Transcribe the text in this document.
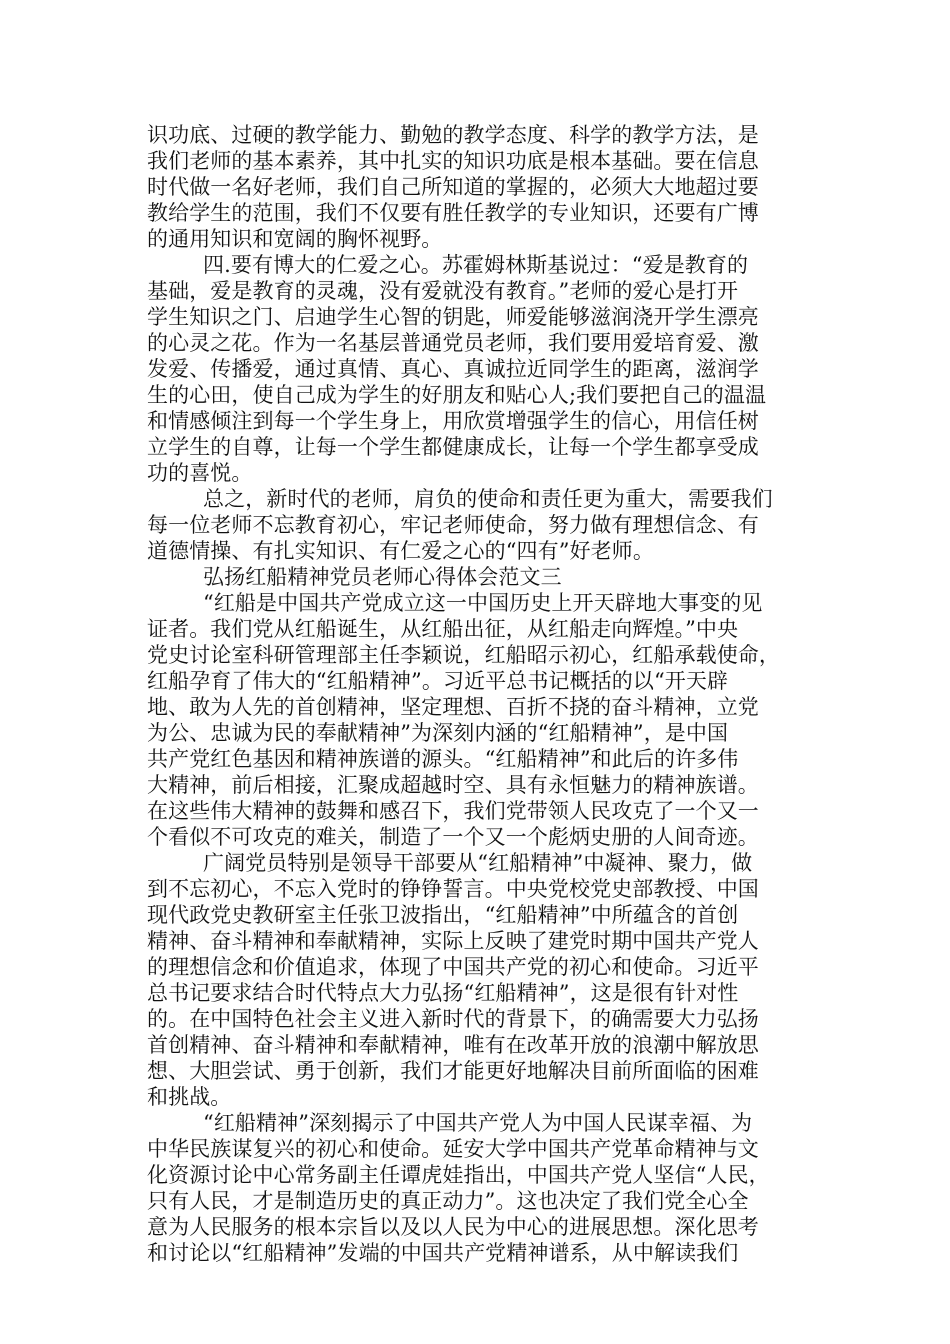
识功底、过硬的教学能力、勤勉的教学态度、科学的教学方法，是
我们老师的基本素养，其中扎实的知识功底是根本基础。要在信息
时代做一名好老师，我们自己所知道的掌握的，必须大大地超过要
教给学生的范围，我们不仅要有胜任教学的专业知识，还要有广博
的通用知识和宽阔的胸怀视野。
四.要有博大的仁爱之心。苏霍姆林斯基说过：“爱是教育的
基础，爱是教育的灵魂，没有爱就没有教育。”老师的爱心是打开
学生知识之门、启迪学生心智的钥匙，师爱能够滋润浇开学生漂亮
的心灵之花。作为一名基层普通党员老师，我们要用爱培育爱、激
发爱、传播爱，通过真情、真心、真诚拉近同学生的距离，滋润学
生的心田，使自己成为学生的好朋友和贴心人;我们要把自己的温温
和情感倾注到每一个学生身上，用欣赏增强学生的信心，用信任树
立学生的自尊，让每一个学生都健康成长，让每一个学生都享受成
功的喜悦。
总之，新时代的老师，肩负的使命和责任更为重大，需要我们
每一位老师不忘教育初心，牢记老师使命，努力做有理想信念、有
道德情操、有扎实知识、有仁爱之心的“四有”好老师。
弘扬红船精神党员老师心得体会范文三
“红船是中国共产党成立这一中国历史上开天辟地大事变的见
证者。我们党从红船诞生，从红船出征，从红船走向辉煌。”中央
党史讨论室科研管理部主任李颖说，红船昭示初心，红船承载使命，
红船孕育了伟大的“红船精神”。习近平总书记概括的以“开天辟
地、敢为人先的首创精神，坚定理想、百折不挠的奋斗精神，立党
为公、忠诚为民的奉献精神”为深刻内涵的“红船精神”，是中国
共产党红色基因和精神族谱的源头。“红船精神”和此后的许多伟
大精神，前后相接，汇聚成超越时空、具有永恒魅力的精神族谱。
在这些伟大精神的鼓舞和感召下，我们党带领人民攻克了一个又一
个看似不可攻克的难关，制造了一个又一个彪炳史册的人间奇迹。
广阔党员特别是领导干部要从“红船精神”中凝神、聚力，做
到不忘初心，不忘入党时的铮铮誓言。中央党校党史部教授、中国
现代政党史教研室主任张卫波指出，“红船精神”中所蕴含的首创
精神、奋斗精神和奉献精神，实际上反映了建党时期中国共产党人
的理想信念和价值追求，体现了中国共产党的初心和使命。习近平
总书记要求结合时代特点大力弘扬“红船精神”，这是很有针对性
的。在中国特色社会主义进入新时代的背景下，的确需要大力弘扬
首创精神、奋斗精神和奉献精神，唯有在改革开放的浪潮中解放思
想、大胆尝试、勇于创新，我们才能更好地解决目前所面临的困难
和挑战。
“红船精神”深刻揭示了中国共产党人为中国人民谋幸福、为
中华民族谋复兴的初心和使命。延安大学中国共产党革命精神与文
化资源讨论中心常务副主任谭虎娃指出，中国共产党人坚信“人民，
只有人民，才是制造历史的真正动力”。这也决定了我们党全心全
意为人民服务的根本宗旨以及以人民为中心的进展思想。深化思考
和讨论以“红船精神”发端的中国共产党精神谱系，从中解读我们
